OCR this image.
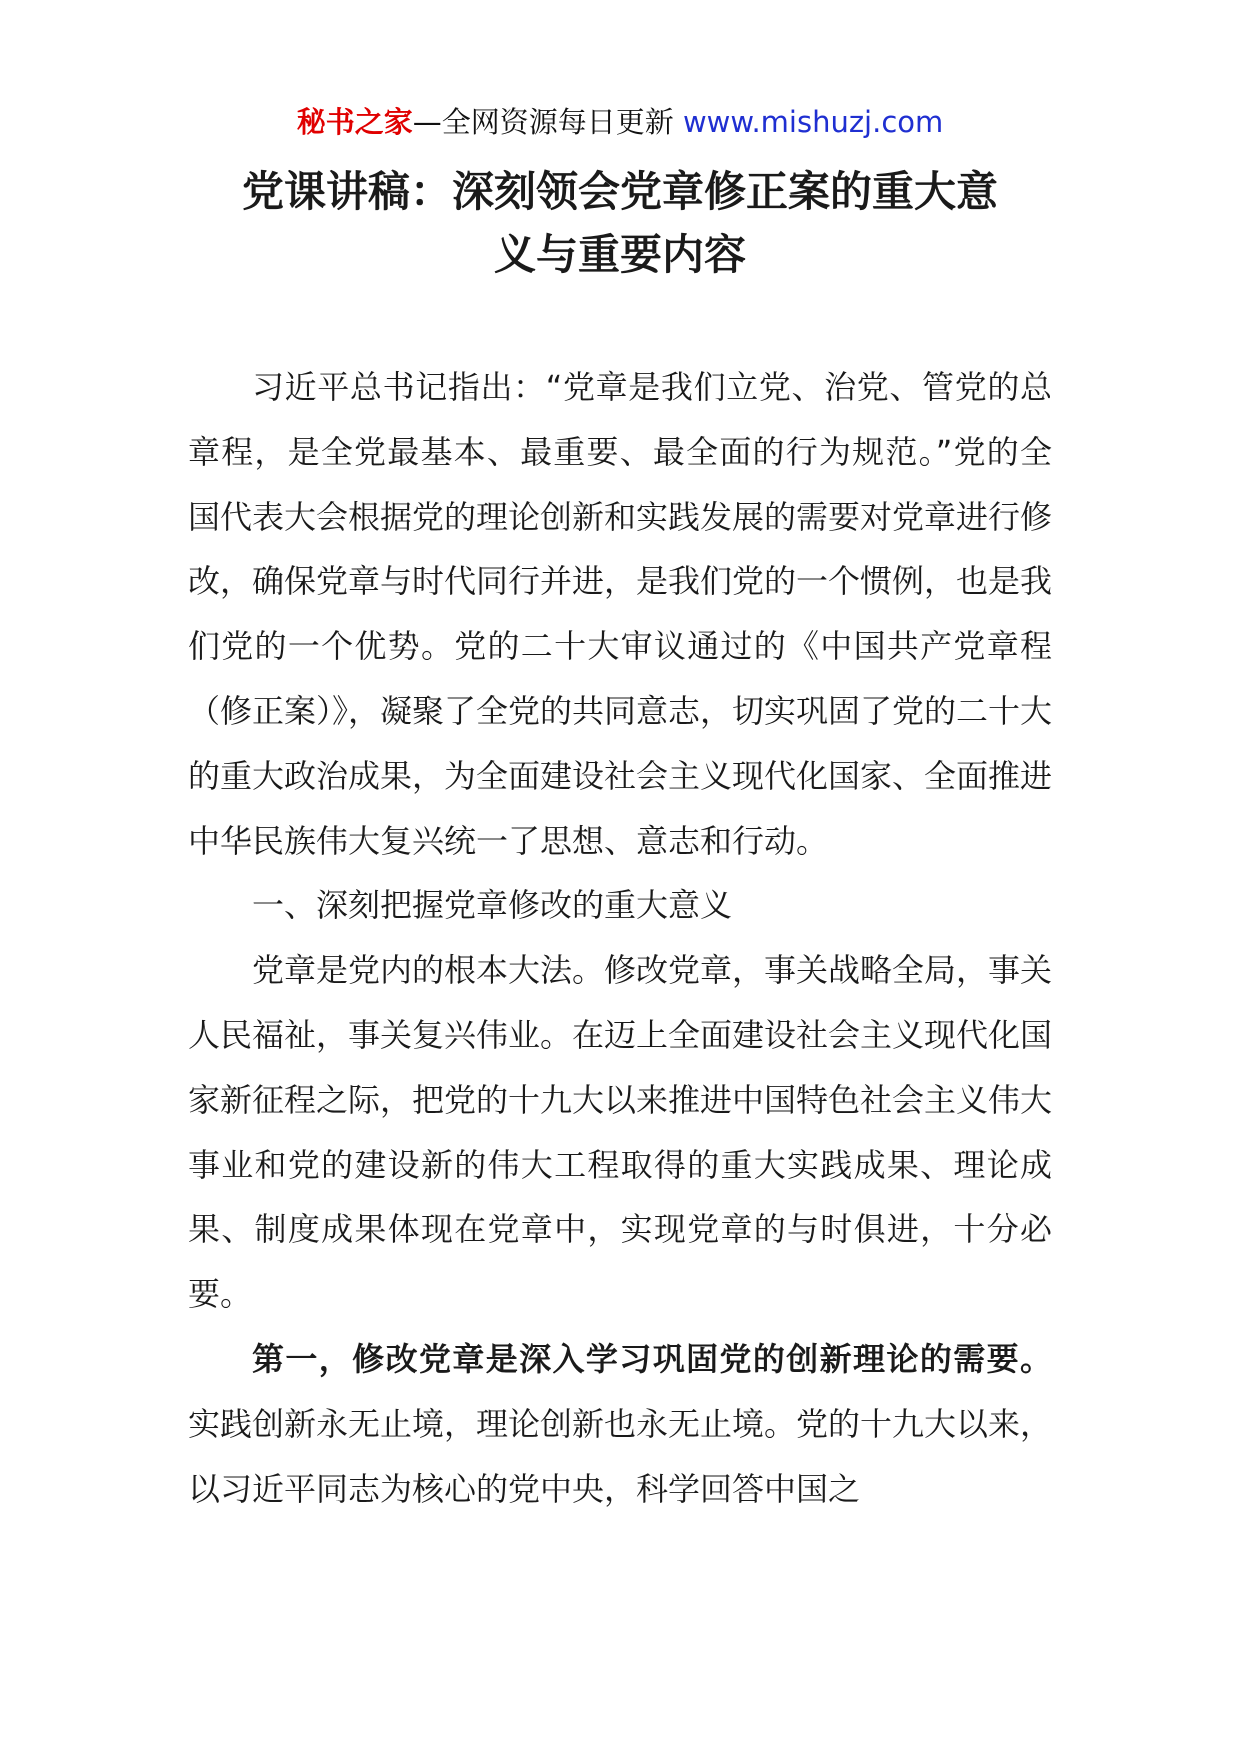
秘书之家—全网资源每日更新 www.mishuzj.com
党课讲稿：深刻领会党章修正案的重大意
义与重要内容

习近平总书记指出：“党章是我们立党、治党、管党的总章程，是全党最基本、最重要、最全面的行为规范。”党的全国代表大会根据党的理论创新和实践发展的需要对党章进行修改，确保党章与时代同行并进，是我们党的一个惯例，也是我们党的一个优势。党的二十大审议通过的《中国共产党章程（修正案）》，凝聚了全党的共同意志，切实巩固了党的二十大的重大政治成果，为全面建设社会主义现代化国家、全面推进中华民族伟大复兴统一了思想、意志和行动。

一、深刻把握党章修改的重大意义

党章是党内的根本大法。修改党章，事关战略全局，事关人民福祉，事关复兴伟业。在迈上全面建设社会主义现代化国家新征程之际，把党的十九大以来推进中国特色社会主义伟大事业和党的建设新的伟大工程取得的重大实践成果、理论成果、制度成果体现在党章中，实现党章的与时俱进，十分必要。

第一，修改党章是深入学习巩固党的创新理论的需要。实践创新永无止境，理论创新也永无止境。党的十九大以来，以习近平同志为核心的党中央，科学回答中国之
